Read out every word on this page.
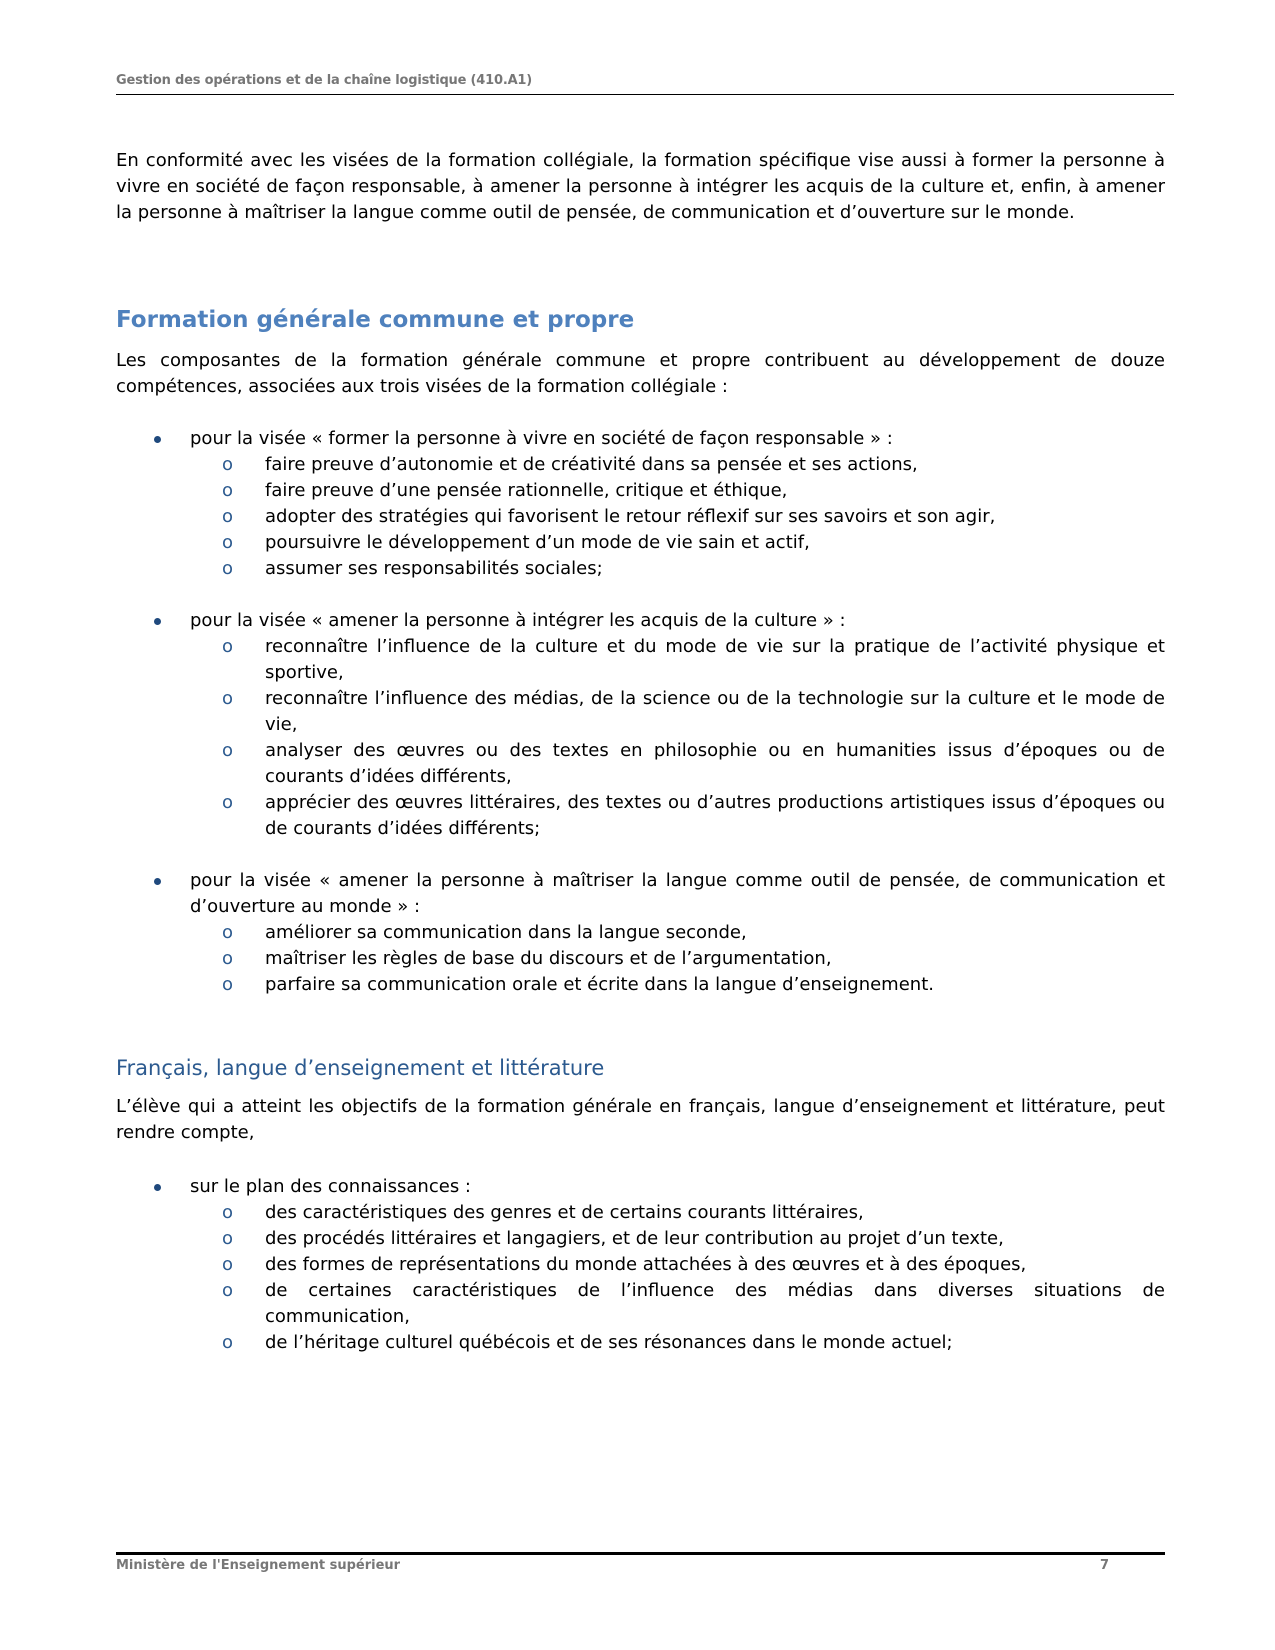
Gestion des opérations et de la chaîne logistique (410.A1)
En conformité avec les visées de la formation collégiale, la formation spécifique vise aussi à former la personne à vivre en société de façon responsable, à amener la personne à intégrer les acquis de la culture et, enfin, à amener la personne à maîtriser la langue comme outil de pensée, de communication et d’ouverture sur le monde.
Formation générale commune et propre
Les composantes de la formation générale commune et propre contribuent au développement de douze compétences, associées aux trois visées de la formation collégiale :
pour la visée « former la personne à vivre en société de façon responsable » :
o faire preuve d’autonomie et de créativité dans sa pensée et ses actions,
o faire preuve d’une pensée rationnelle, critique et éthique,
o adopter des stratégies qui favorisent le retour réflexif sur ses savoirs et son agir,
o poursuivre le développement d’un mode de vie sain et actif,
o assumer ses responsabilités sociales;
pour la visée « amener la personne à intégrer les acquis de la culture » :
o reconnaître l’influence de la culture et du mode de vie sur la pratique de l’activité physique et sportive,
o reconnaître l’influence des médias, de la science ou de la technologie sur la culture et le mode de vie,
o analyser des œuvres ou des textes en philosophie ou en humanities issus d’époques ou de courants d’idées différents,
o apprécier des œuvres littéraires, des textes ou d’autres productions artistiques issus d’époques ou de courants d’idées différents;
pour la visée « amener la personne à maîtriser la langue comme outil de pensée, de communication et d’ouverture au monde » :
o améliorer sa communication dans la langue seconde,
o maîtriser les règles de base du discours et de l’argumentation,
o parfaire sa communication orale et écrite dans la langue d’enseignement.
Français, langue d’enseignement et littérature
L’élève qui a atteint les objectifs de la formation générale en français, langue d’enseignement et littérature, peut rendre compte,
sur le plan des connaissances :
o des caractéristiques des genres et de certains courants littéraires,
o des procédés littéraires et langagiers, et de leur contribution au projet d’un texte,
o des formes de représentations du monde attachées à des œuvres et à des époques,
o de certaines caractéristiques de l’influence des médias dans diverses situations de communication,
o de l’héritage culturel québécois et de ses résonances dans le monde actuel;
Ministère de l'Enseignement supérieur	7
